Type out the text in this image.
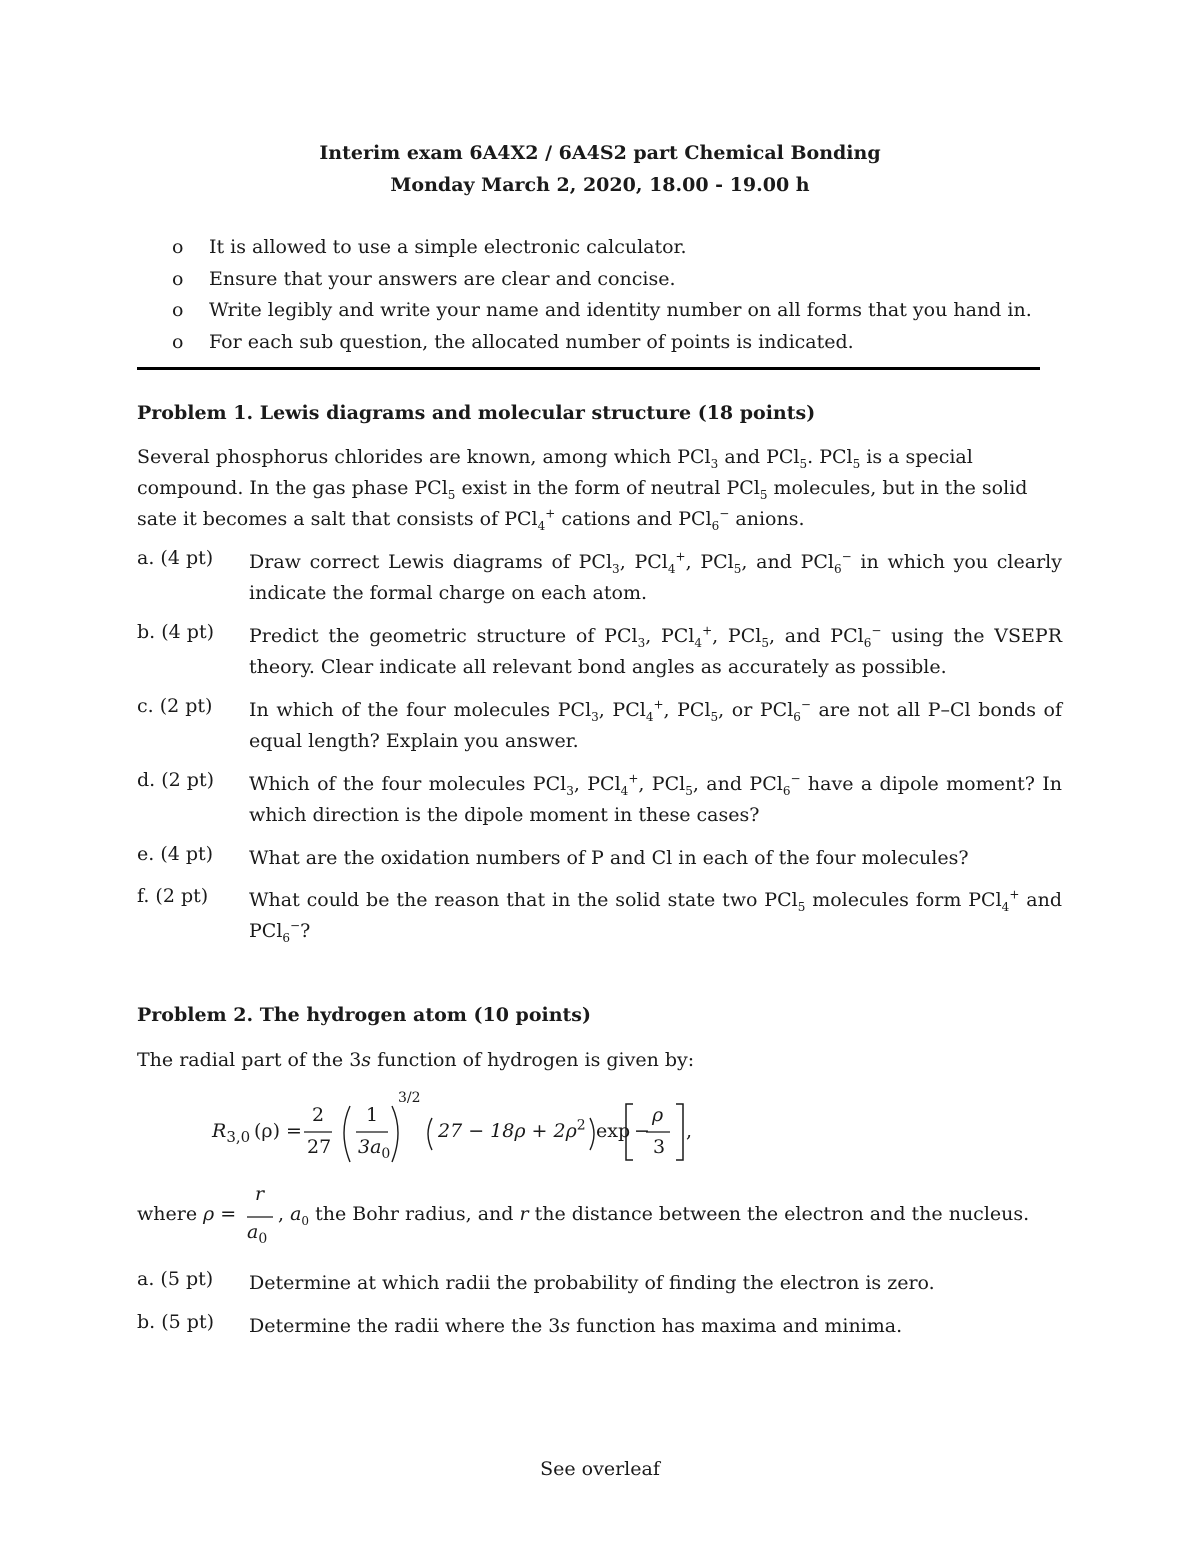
Interim exam 6A4X2 / 6A4S2 part Chemical Bonding
Monday March 2, 2020, 18.00 - 19.00 h
o It is allowed to use a simple electronic calculator.
o Ensure that your answers are clear and concise.
o Write legibly and write your name and identity number on all forms that you hand in.
o For each sub question, the allocated number of points is indicated.
Problem 1. Lewis diagrams and molecular structure (18 points)
Several phosphorus chlorides are known, among which PCl$_3$ and PCl$_5$. PCl$_5$ is a special compound. In the gas phase PCl$_5$ exist in the form of neutral PCl$_5$ molecules, but in the solid sate it becomes a salt that consists of PCl$_4$+ cations and PCl$_6$− anions.
a. (4 pt) Draw correct Lewis diagrams of PCl$_3$, PCl$_4$+, PCl$_5$, and PCl$_6$− in which you clearly indicate the formal charge on each atom.
b. (4 pt) Predict the geometric structure of PCl$_3$, PCl$_4$+, PCl$_5$, and PCl$_6$− using the VSEPR theory. Clear indicate all relevant bond angles as accurately as possible.
c. (2 pt) In which of the four molecules PCl$_3$, PCl$_4$+, PCl$_5$, or PCl$_6$− are not all P–Cl bonds of equal length? Explain you answer.
d. (2 pt) Which of the four molecules PCl$_3$, PCl$_4$+, PCl$_5$, and PCl$_6$− have a dipole moment? In which direction is the dipole moment in these cases?
e. (4 pt) What are the oxidation numbers of P and Cl in each of the four molecules?
f. (2 pt) What could be the reason that in the solid state two PCl$_5$ molecules form PCl$_4$+ and PCl$_6$−?
Problem 2. The hydrogen atom (10 points)
The radial part of the 3s function of hydrogen is given by:
$R_{3,0}$ (ρ) =
2
27
1
$3a_0$
3/2
$27 - 18\rho + 2\rho^2$ exp −
ρ
3
,
where ρ =
r
$a_0$
, $a_0$ the Bohr radius, and r the distance between the electron and the nucleus.
a. (5 pt) Determine at which radii the probability of finding the electron is zero.
b. (5 pt) Determine the radii where the 3s function has maxima and minima.
See overleaf
